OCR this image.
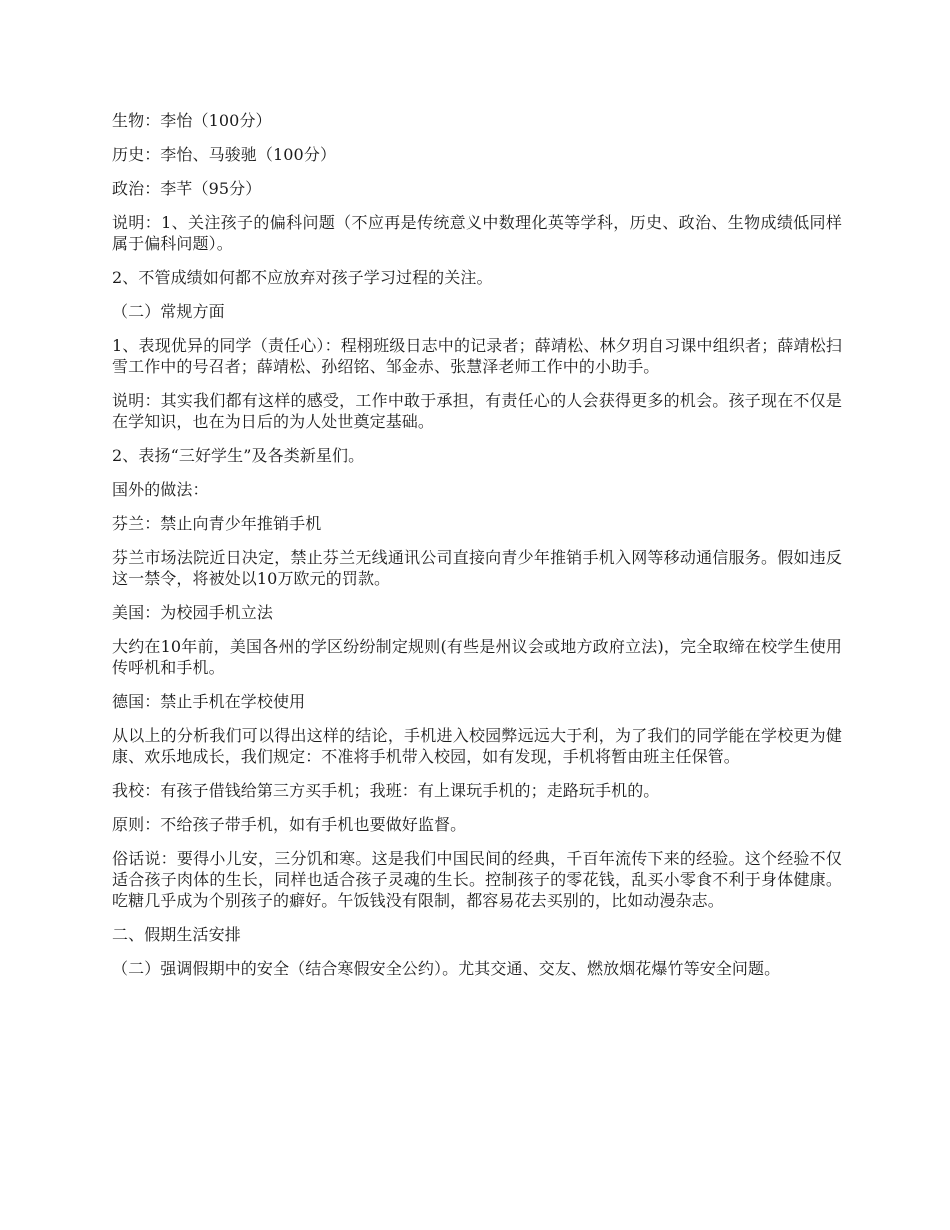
生物：李怡（100分）

历史：李怡、马骏驰（100分）

政治：李芊（95分）

说明：1、关注孩子的偏科问题（不应再是传统意义中数理化英等学科，历史、政治、生物成绩低同样属于偏科问题）。

2、不管成绩如何都不应放弃对孩子学习过程的关注。

（二）常规方面

1、表现优异的同学（责任心）：程栩班级日志中的记录者；薛靖松、林夕玥自习课中组织者；薛靖松扫雪工作中的号召者；薛靖松、孙绍铭、邹金赤、张慧泽老师工作中的小助手。

说明：其实我们都有这样的感受，工作中敢于承担，有责任心的人会获得更多的机会。孩子现在不仅是在学知识，也在为日后的为人处世奠定基础。

2、表扬“三好学生”及各类新星们。

国外的做法：

芬兰：禁止向青少年推销手机

芬兰市场法院近日决定，禁止芬兰无线通讯公司直接向青少年推销手机入网等移动通信服务。假如违反这一禁令，将被处以10万欧元的罚款。

美国：为校园手机立法

大约在10年前，美国各州的学区纷纷制定规则(有些是州议会或地方政府立法)，完全取缔在校学生使用传呼机和手机。

德国：禁止手机在学校使用

从以上的分析我们可以得出这样的结论，手机进入校园弊远远大于利，为了我们的同学能在学校更为健康、欢乐地成长，我们规定：不准将手机带入校园，如有发现，手机将暂由班主任保管。

我校：有孩子借钱给第三方买手机；我班：有上课玩手机的；走路玩手机的。

原则：不给孩子带手机，如有手机也要做好监督。

俗话说：要得小儿安，三分饥和寒。这是我们中国民间的经典，千百年流传下来的经验。这个经验不仅适合孩子肉体的生长，同样也适合孩子灵魂的生长。控制孩子的零花钱，乱买小零食不利于身体健康。吃糖几乎成为个别孩子的癖好。午饭钱没有限制，都容易花去买别的，比如动漫杂志。

二、假期生活安排

（二）强调假期中的安全（结合寒假安全公约）。尤其交通、交友、燃放烟花爆竹等安全问题。
